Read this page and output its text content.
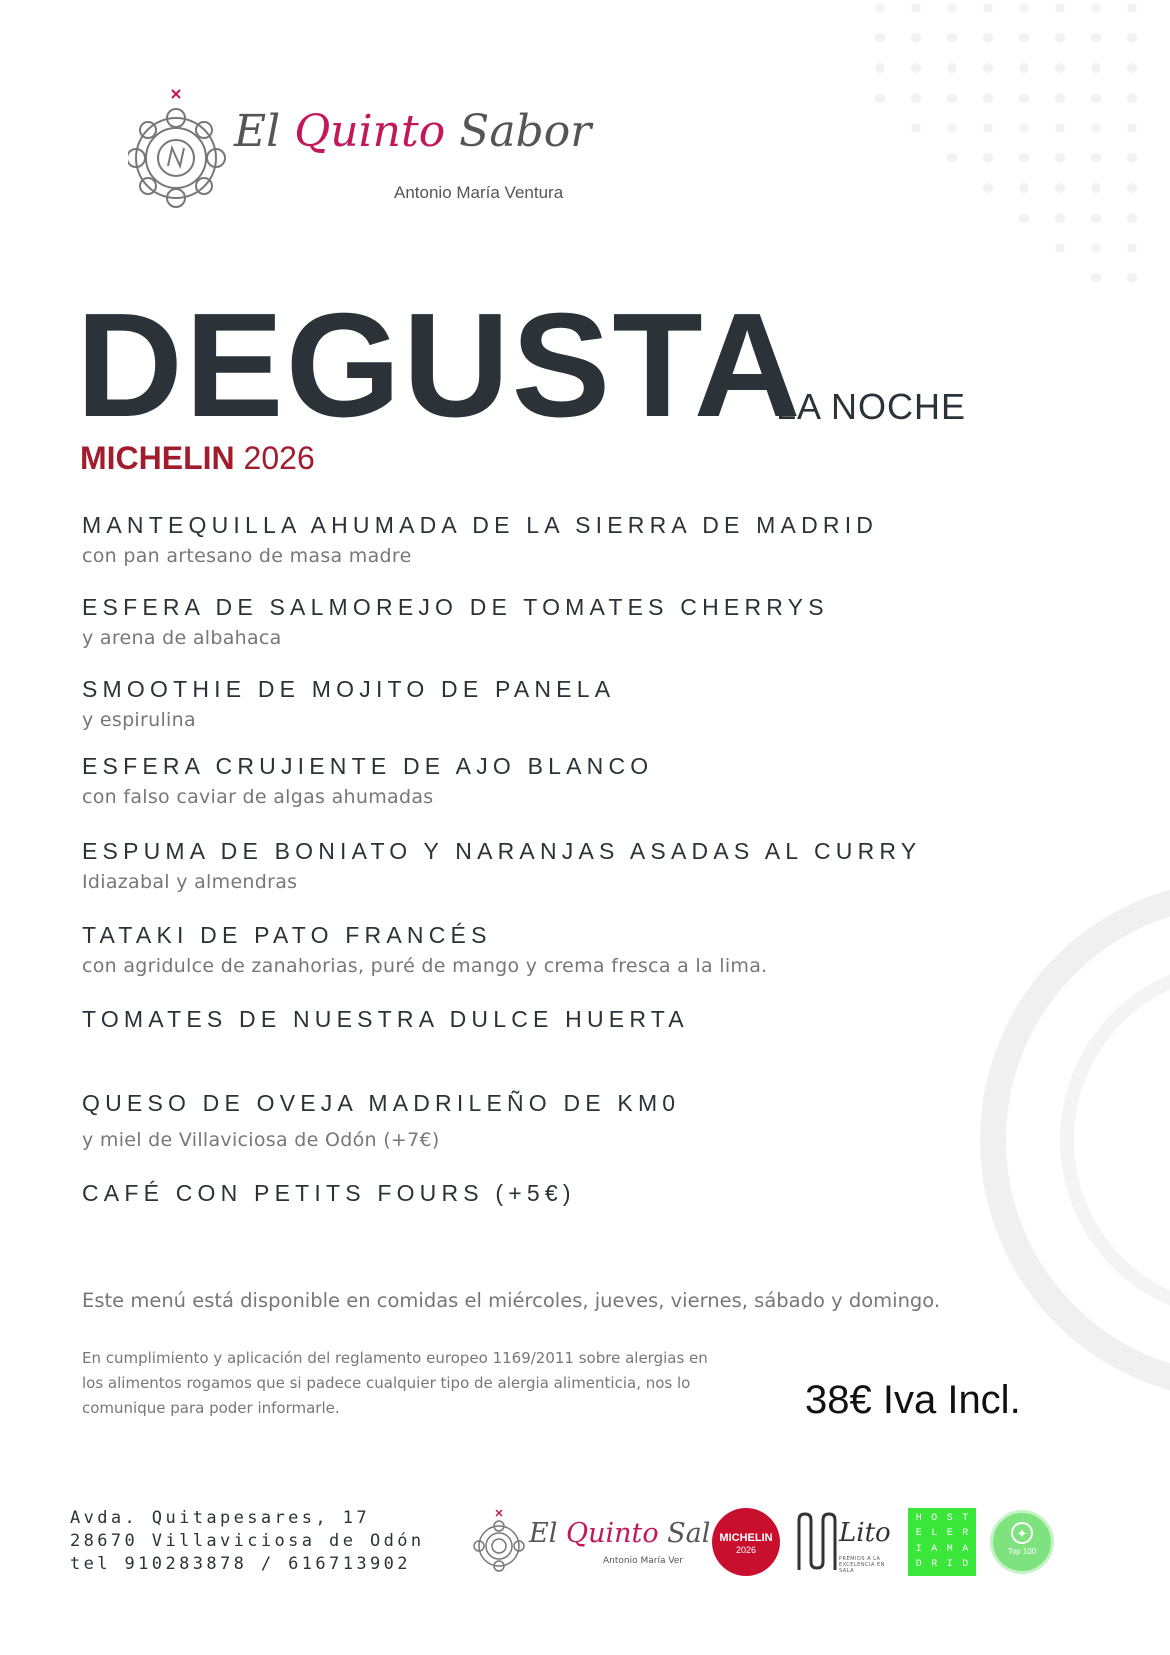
El Quinto Sabor
Antonio María Ventura
DEGUSTA
LA NOCHE
MICHELIN 2026
MANTEQUILLA AHUMADA DE LA SIERRA DE MADRID
con pan artesano de masa madre
ESFERA DE SALMOREJO DE TOMATES CHERRYS
y arena de albahaca
SMOOTHIE DE MOJITO DE PANELA
y espirulina
ESFERA CRUJIENTE DE AJO BLANCO
con falso caviar de algas ahumadas
ESPUMA DE BONIATO Y NARANJAS ASADAS AL CURRY
Idiazabal y almendras
TATAKI DE PATO FRANCÉS
con agridulce de zanahorias, puré de mango y crema fresca a la lima.
TOMATES DE NUESTRA DULCE HUERTA
QUESO DE OVEJA MADRILEÑO DE KM0
y miel de Villaviciosa de Odón (+7€)
CAFÉ CON PETITS FOURS (+5€)
Este menú está disponible en comidas el miércoles, jueves, viernes, sábado y domingo.
En cumplimiento y aplicación del reglamento europeo 1169/2011 sobre alergias en los alimentos rogamos que si padece cualquier tipo de alergia alimenticia, nos lo comunique para poder informarle.	38€ Iva Incl.
Avda. Quitapesares, 17
28670 Villaviciosa de Odón
tel 910283878 / 616713902
El Quinto Sal
Antonio María Ver
MICHELIN
2026
Lito
PREMIOS A LA EXCELENCIA EN SALA
H O S T
E L E R
I A M A
D R I D
✦
Top 100
